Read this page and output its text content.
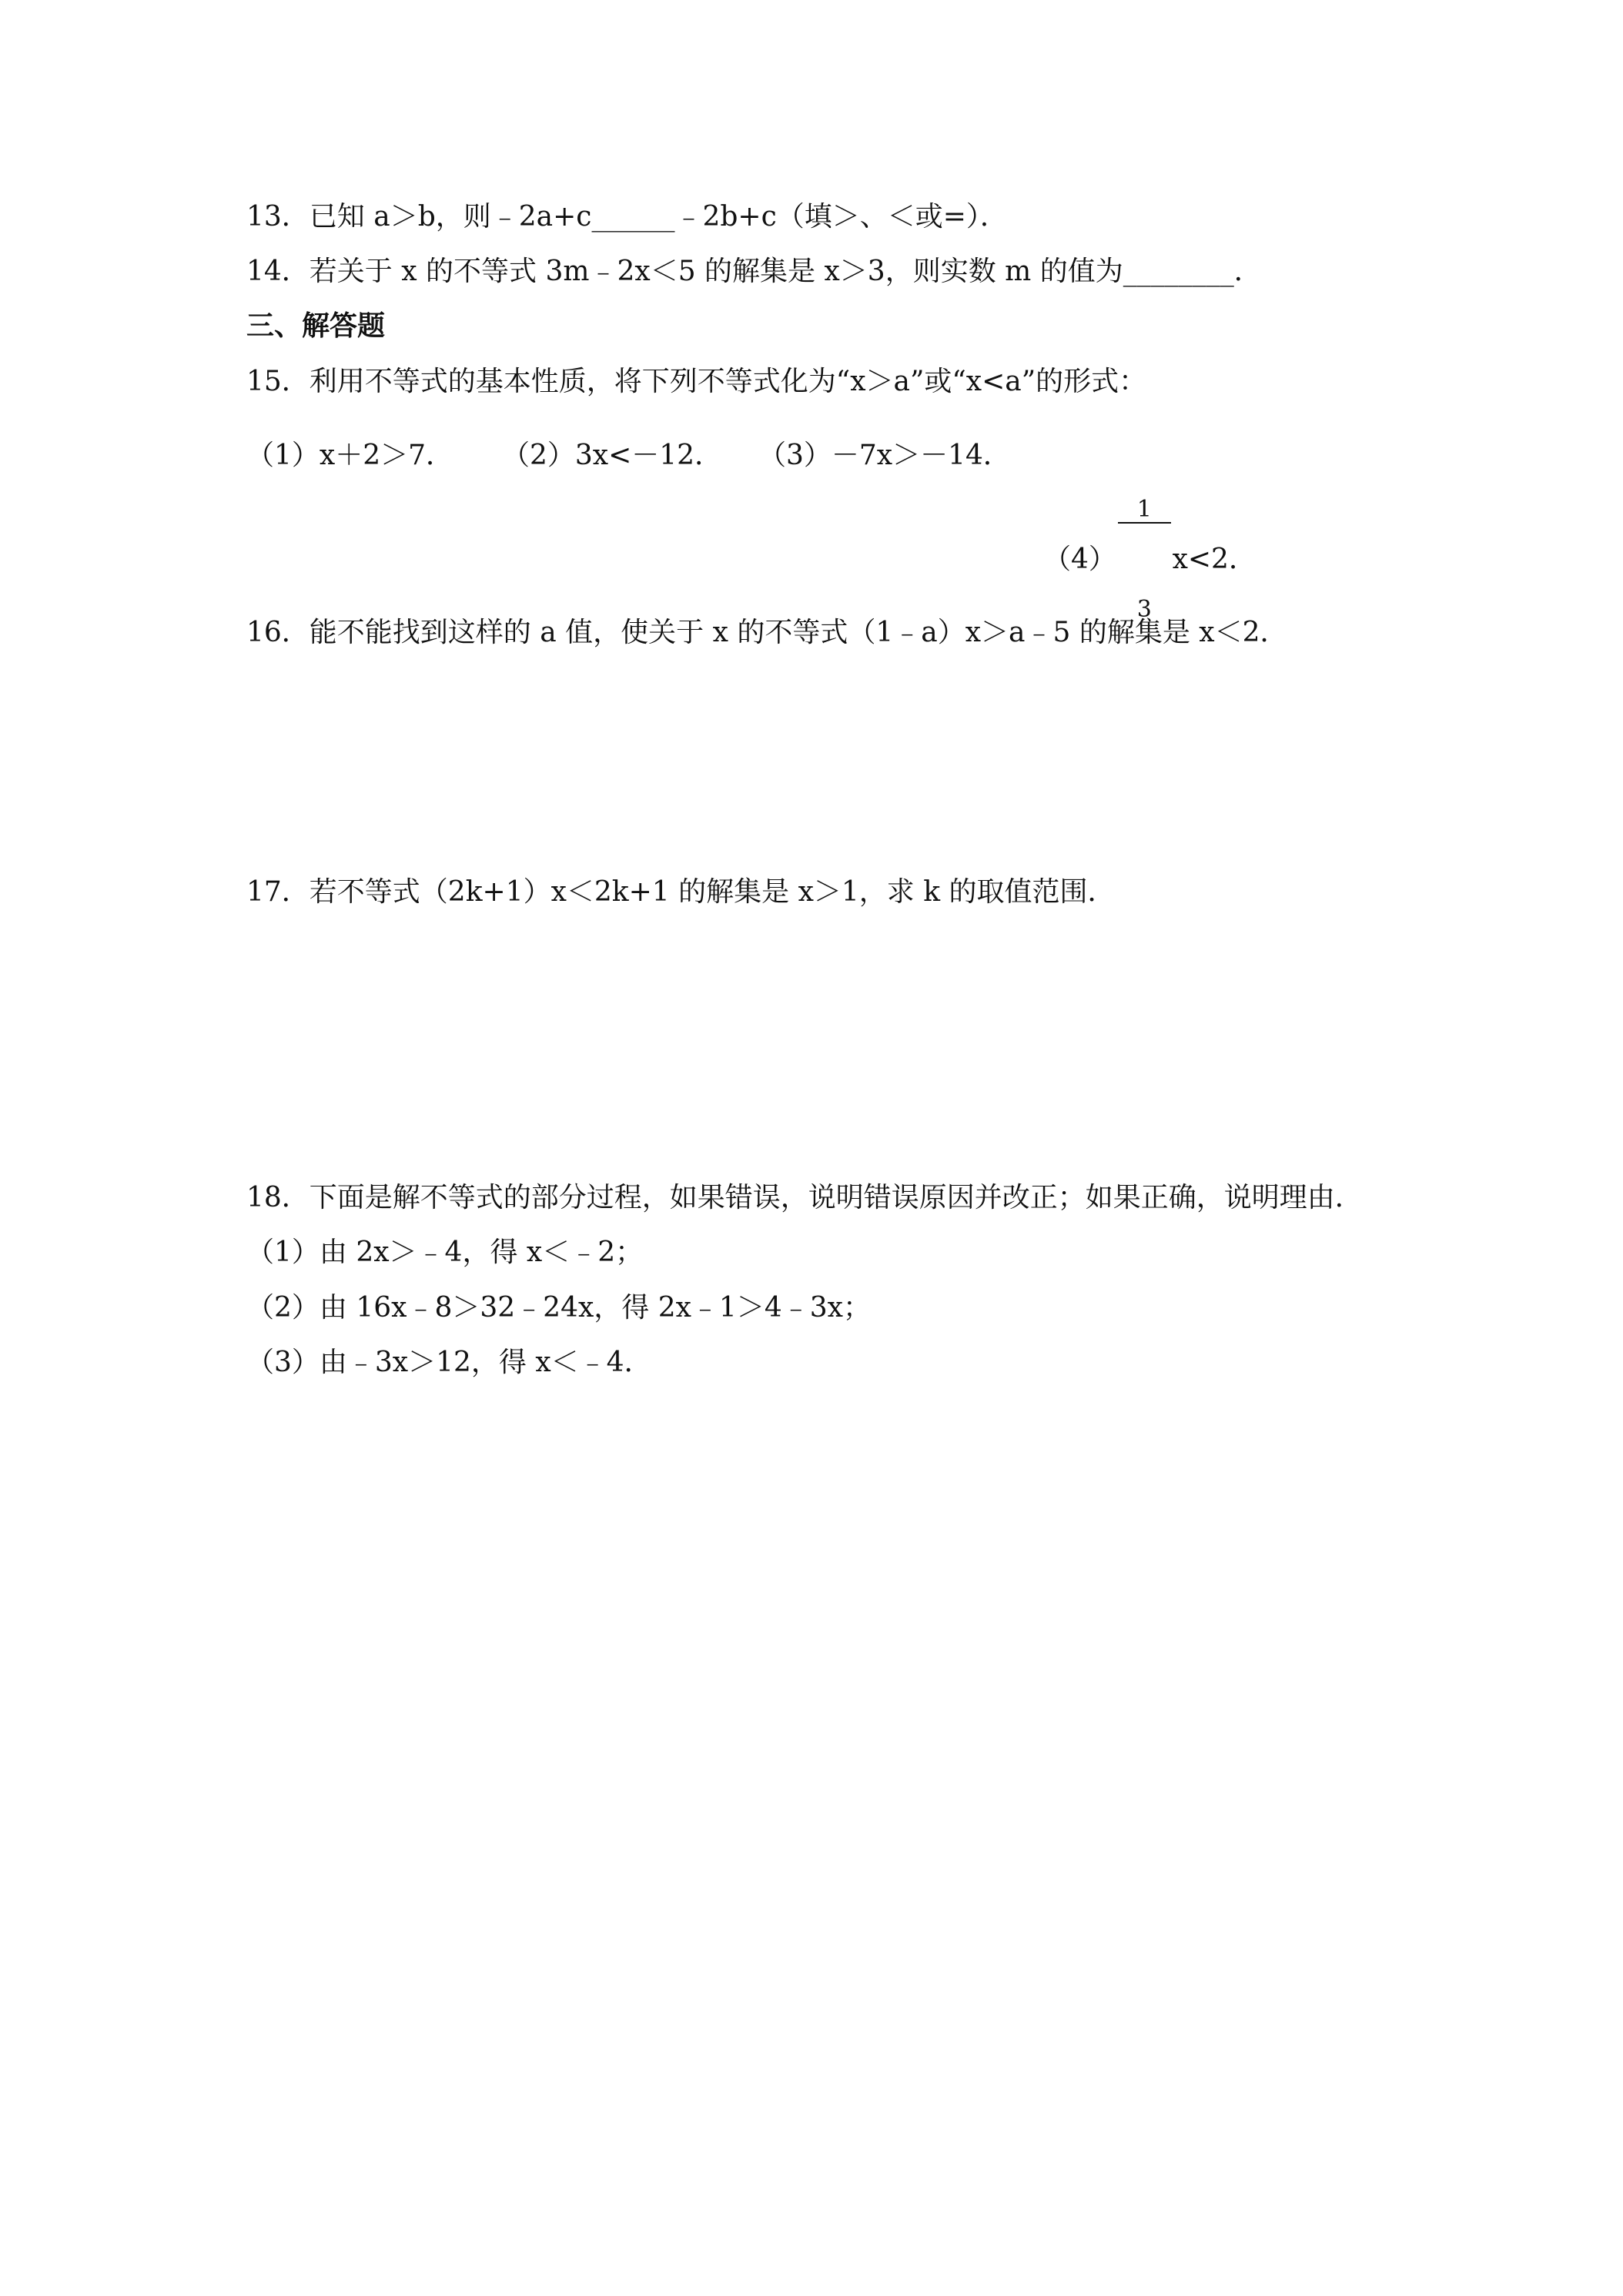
13．已知 a＞b，则﹣2a+c______﹣2b+c（填＞、＜或=）．
14．若关于 x 的不等式 3m﹣2x＜5 的解集是 x＞3，则实数 m 的值为________．
三、解答题
15．利用不等式的基本性质，将下列不等式化为“x＞a”或“x<a”的形式：
（1）x＋2＞7． （2）3x<－12． （3）－7x＞－14．
（4）

$\frac{1}{3}$

x<2．
16．能不能找到这样的 a 值，使关于 x 的不等式（1﹣a）x＞a﹣5 的解集是 x＜2．
17．若不等式（2k+1）x＜2k+1 的解集是 x＞1，求 k 的取值范围．
18．下面是解不等式的部分过程，如果错误，说明错误原因并改正；如果正确，说明理由．
（1）由 2x＞﹣4，得 x＜﹣2；
（2）由 16x﹣8＞32﹣24x，得 2x﹣1＞4﹣3x；
（3）由﹣3x＞12，得 x＜﹣4．
